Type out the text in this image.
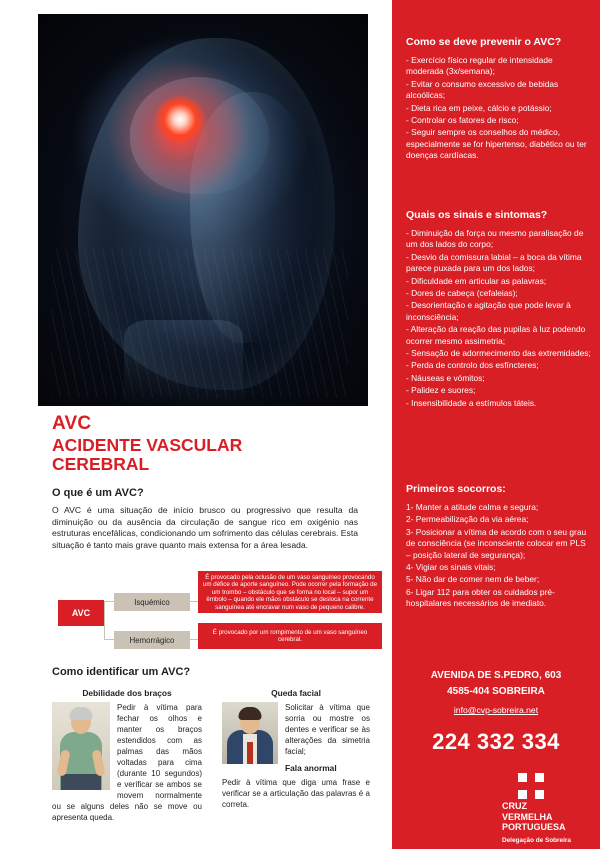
AVC
ACIDENTE VASCULAR
CEREBRAL
O que é um AVC?
O AVC é uma situação de início brusco ou progressivo que resulta da diminuição ou da ausência da circulação de sangue rico em oxigénio nas estruturas encefálicas, condicionando um sofrimento das células cerebrais. Esta situação é tanto mais grave quanto mais extensa for a área lesada.
AVC
Isquémico
Hemorrágico
É provocado pela oclusão de um vaso sanguíneo provocando um défice de aporte sanguíneo. Pode ocorrer pela formação de um trombo – obstáculo que se forma no local – supor um êmbolo – quando ele mãos obstáculo se desloca na corrente sanguínea até encravar num vaso de pequeno calibre.
É provocado por um rompimento de um vaso sanguíneo cerebral.
Como identificar um AVC?
Debilidade dos braços
Pedir à vítima para fechar os olhos e manter os braços estendidos com as palmas das mãos voltadas para cima (durante 10 segundos) e verificar se ambos se movem normalmente ou se alguns deles não se move ou apresenta queda.
Queda facial
Solicitar à vítima que sorria ou mostre os dentes e verificar se às alterações da simetria facial;
Fala anormal
Pedir à vítima que diga uma frase e verificar se a articulação das palavras é a correta.
Como se deve prevenir o AVC?
- Exercício físico regular de intensidade moderada (3x/semana);
- Evitar o consumo excessivo de bebidas alcoólicas;
- Dieta rica em peixe, cálcio e potássio;
- Controlar os fatores de risco;
- Seguir sempre os conselhos do médico, especialmente se for hipertenso, diabético ou ter doenças cardíacas.
Quais os sinais e sintomas?
- Diminuição da força ou mesmo paralisação de um dos lados do corpo;
- Desvio da comissura labial – a boca da vítima parece puxada para um dos lados;
- Dificuldade em articular as palavras;
- Dores de cabeça (cefaleias);
- Desorientação e agitação que pode levar à inconsciência;
- Alteração da reação das pupilas à luz podendo ocorrer mesmo assimetria;
- Sensação de adormecimento das extremidades;
- Perda de controlo dos esfíncteres;
- Náuseas e vómitos;
- Palidez e suores;
- Insensibilidade a estímulos táteis.
Primeiros socorros:
1- Manter a atitude calma e segura;
2- Permeabilização da via aérea;
3- Posicionar a vítima de acordo com o seu grau de consciência (se inconsciente colocar em PLS – posição lateral de segurança);
4- Vigiar os sinais vitais;
5- Não dar de comer nem de beber;
6- Ligar 112 para obter os cuidados pré-hospitalares necessários de imediato.
AVENIDA DE S.PEDRO, 603
4585-404 SOBREIRA
info@cvp-sobreira.net
224 332 334
CRUZ
VERMELHA
PORTUGUESA
Delegação de Sobreira
